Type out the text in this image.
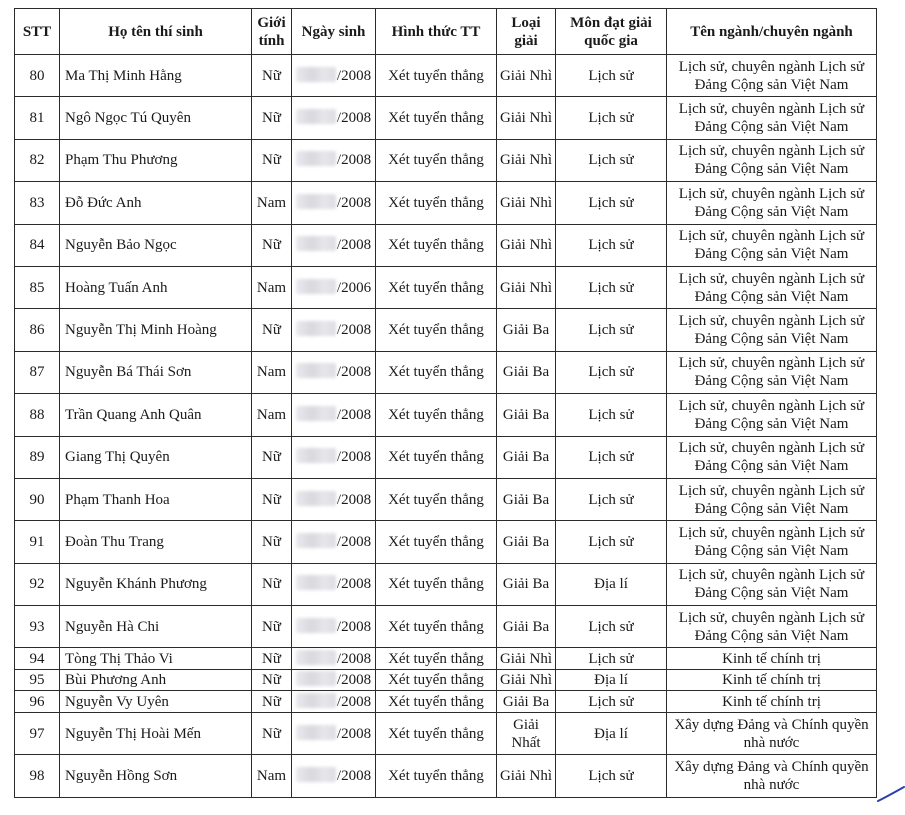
STT	Họ tên thí sinh	Giới tính	Ngày sinh	Hình thức TT	Loại giải	Môn đạt giải quốc gia	Tên ngành/chuyên ngành
80	Ma Thị Minh Hằng	Nữ	/2008	Xét tuyển thẳng	Giải Nhì	Lịch sử	Lịch sử, chuyên ngành Lịch sử Đảng Cộng sản Việt Nam
81	Ngô Ngọc Tú Quyên	Nữ	/2008	Xét tuyển thẳng	Giải Nhì	Lịch sử	Lịch sử, chuyên ngành Lịch sử Đảng Cộng sản Việt Nam
82	Phạm Thu Phương	Nữ	/2008	Xét tuyển thẳng	Giải Nhì	Lịch sử	Lịch sử, chuyên ngành Lịch sử Đảng Cộng sản Việt Nam
83	Đỗ Đức Anh	Nam	/2008	Xét tuyển thẳng	Giải Nhì	Lịch sử	Lịch sử, chuyên ngành Lịch sử Đảng Cộng sản Việt Nam
84	Nguyễn Bảo Ngọc	Nữ	/2008	Xét tuyển thẳng	Giải Nhì	Lịch sử	Lịch sử, chuyên ngành Lịch sử Đảng Cộng sản Việt Nam
85	Hoàng Tuấn Anh	Nam	/2006	Xét tuyển thẳng	Giải Nhì	Lịch sử	Lịch sử, chuyên ngành Lịch sử Đảng Cộng sản Việt Nam
86	Nguyễn Thị Minh Hoàng	Nữ	/2008	Xét tuyển thẳng	Giải Ba	Lịch sử	Lịch sử, chuyên ngành Lịch sử Đảng Cộng sản Việt Nam
87	Nguyễn Bá Thái Sơn	Nam	/2008	Xét tuyển thẳng	Giải Ba	Lịch sử	Lịch sử, chuyên ngành Lịch sử Đảng Cộng sản Việt Nam
88	Trần Quang Anh Quân	Nam	/2008	Xét tuyển thẳng	Giải Ba	Lịch sử	Lịch sử, chuyên ngành Lịch sử Đảng Cộng sản Việt Nam
89	Giang Thị Quyên	Nữ	/2008	Xét tuyển thẳng	Giải Ba	Lịch sử	Lịch sử, chuyên ngành Lịch sử Đảng Cộng sản Việt Nam
90	Phạm Thanh Hoa	Nữ	/2008	Xét tuyển thẳng	Giải Ba	Lịch sử	Lịch sử, chuyên ngành Lịch sử Đảng Cộng sản Việt Nam
91	Đoàn Thu Trang	Nữ	/2008	Xét tuyển thẳng	Giải Ba	Lịch sử	Lịch sử, chuyên ngành Lịch sử Đảng Cộng sản Việt Nam
92	Nguyễn Khánh Phương	Nữ	/2008	Xét tuyển thẳng	Giải Ba	Địa lí	Lịch sử, chuyên ngành Lịch sử Đảng Cộng sản Việt Nam
93	Nguyễn Hà Chi	Nữ	/2008	Xét tuyển thẳng	Giải Ba	Lịch sử	Lịch sử, chuyên ngành Lịch sử Đảng Cộng sản Việt Nam
94	Tòng Thị Thảo Vi	Nữ	/2008	Xét tuyển thẳng	Giải Nhì	Lịch sử	Kinh tế chính trị
95	Bùi Phương Anh	Nữ	/2008	Xét tuyển thẳng	Giải Nhì	Địa lí	Kinh tế chính trị
96	Nguyễn Vy Uyên	Nữ	/2008	Xét tuyển thẳng	Giải Ba	Lịch sử	Kinh tế chính trị
97	Nguyễn Thị Hoài Mến	Nữ	/2008	Xét tuyển thẳng	Giải Nhất	Địa lí	Xây dựng Đảng và Chính quyền nhà nước
98	Nguyễn Hồng Sơn	Nam	/2008	Xét tuyển thẳng	Giải Nhì	Lịch sử	Xây dựng Đảng và Chính quyền nhà nước
